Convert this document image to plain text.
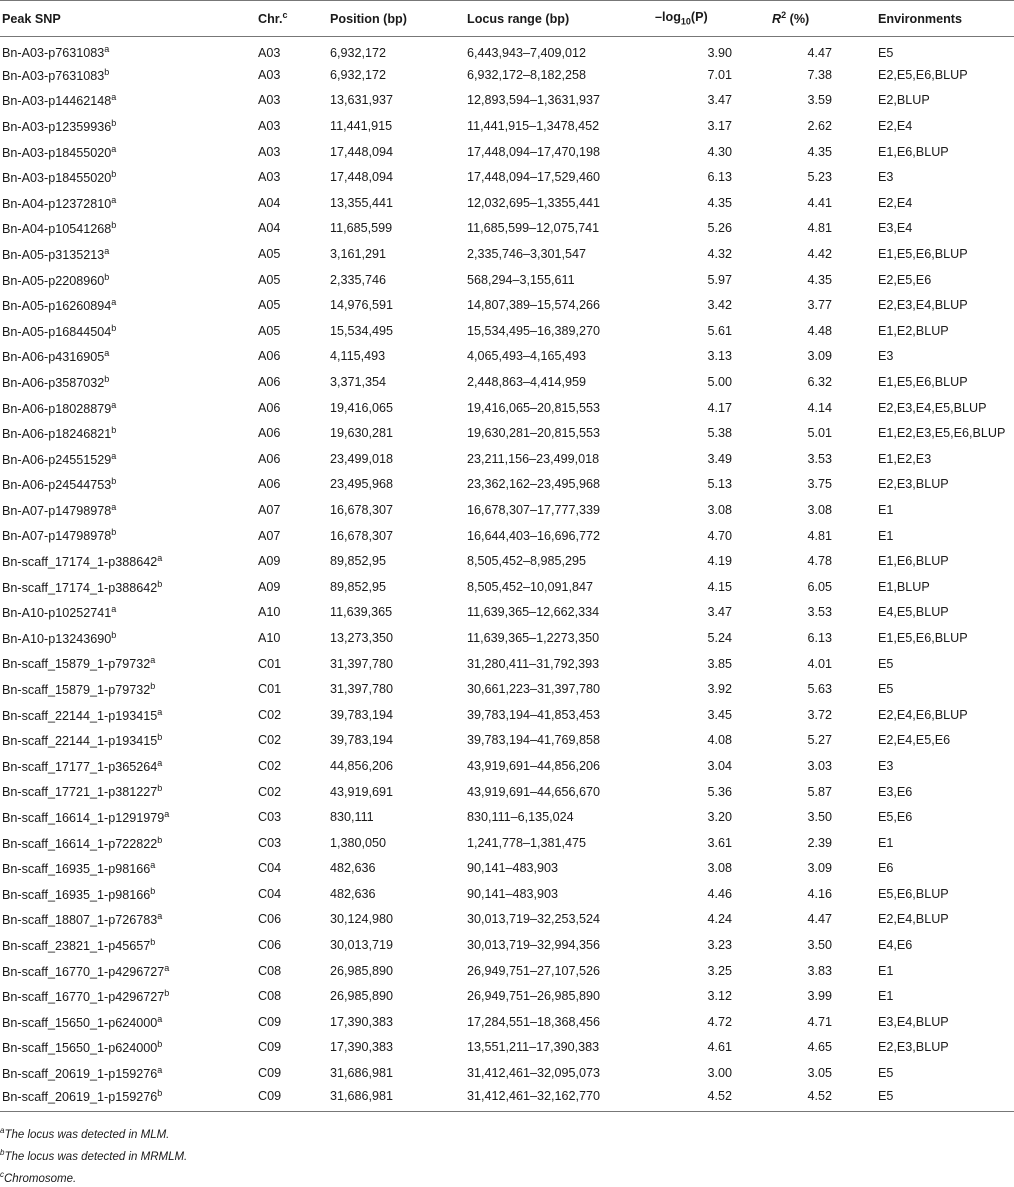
Peak SNP	Chr.$^c$	Position (bp)	Locus range (bp)	$-\log_{10}(P)$	$R^2$ (%)	Environments
Bn-A03-p7631083$^a$	A03	6,932,172	6,443,943–7,409,012	3.90	4.47	E5
Bn-A03-p7631083$^b$	A03	6,932,172	6,932,172–8,182,258	7.01	7.38	E2,E5,E6,BLUP
Bn-A03-p14462148$^a$	A03	13,631,937	12,893,594–1,3631,937	3.47	3.59	E2,BLUP
Bn-A03-p12359936$^b$	A03	11,441,915	11,441,915–1,3478,452	3.17	2.62	E2,E4
Bn-A03-p18455020$^a$	A03	17,448,094	17,448,094–17,470,198	4.30	4.35	E1,E6,BLUP
Bn-A03-p18455020$^b$	A03	17,448,094	17,448,094–17,529,460	6.13	5.23	E3
Bn-A04-p12372810$^a$	A04	13,355,441	12,032,695–1,3355,441	4.35	4.41	E2,E4
Bn-A04-p10541268$^b$	A04	11,685,599	11,685,599–12,075,741	5.26	4.81	E3,E4
Bn-A05-p3135213$^a$	A05	3,161,291	2,335,746–3,301,547	4.32	4.42	E1,E5,E6,BLUP
Bn-A05-p2208960$^b$	A05	2,335,746	568,294–3,155,611	5.97	4.35	E2,E5,E6
Bn-A05-p16260894$^a$	A05	14,976,591	14,807,389–15,574,266	3.42	3.77	E2,E3,E4,BLUP
Bn-A05-p16844504$^b$	A05	15,534,495	15,534,495–16,389,270	5.61	4.48	E1,E2,BLUP
Bn-A06-p4316905$^a$	A06	4,115,493	4,065,493–4,165,493	3.13	3.09	E3
Bn-A06-p3587032$^b$	A06	3,371,354	2,448,863–4,414,959	5.00	6.32	E1,E5,E6,BLUP
Bn-A06-p18028879$^a$	A06	19,416,065	19,416,065–20,815,553	4.17	4.14	E2,E3,E4,E5,BLUP
Bn-A06-p18246821$^b$	A06	19,630,281	19,630,281–20,815,553	5.38	5.01	E1,E2,E3,E5,E6,BLUP
Bn-A06-p24551529$^a$	A06	23,499,018	23,211,156–23,499,018	3.49	3.53	E1,E2,E3
Bn-A06-p24544753$^b$	A06	23,495,968	23,362,162–23,495,968	5.13	3.75	E2,E3,BLUP
Bn-A07-p14798978$^a$	A07	16,678,307	16,678,307–17,777,339	3.08	3.08	E1
Bn-A07-p14798978$^b$	A07	16,678,307	16,644,403–16,696,772	4.70	4.81	E1
Bn-scaff_17174_1-p388642$^a$	A09	89,852,95	8,505,452–8,985,295	4.19	4.78	E1,E6,BLUP
Bn-scaff_17174_1-p388642$^b$	A09	89,852,95	8,505,452–10,091,847	4.15	6.05	E1,BLUP
Bn-A10-p10252741$^a$	A10	11,639,365	11,639,365–12,662,334	3.47	3.53	E4,E5,BLUP
Bn-A10-p13243690$^b$	A10	13,273,350	11,639,365–1,2273,350	5.24	6.13	E1,E5,E6,BLUP
Bn-scaff_15879_1-p79732$^a$	C01	31,397,780	31,280,411–31,792,393	3.85	4.01	E5
Bn-scaff_15879_1-p79732$^b$	C01	31,397,780	30,661,223–31,397,780	3.92	5.63	E5
Bn-scaff_22144_1-p193415$^a$	C02	39,783,194	39,783,194–41,853,453	3.45	3.72	E2,E4,E6,BLUP
Bn-scaff_22144_1-p193415$^b$	C02	39,783,194	39,783,194–41,769,858	4.08	5.27	E2,E4,E5,E6
Bn-scaff_17177_1-p365264$^a$	C02	44,856,206	43,919,691–44,856,206	3.04	3.03	E3
Bn-scaff_17721_1-p381227$^b$	C02	43,919,691	43,919,691–44,656,670	5.36	5.87	E3,E6
Bn-scaff_16614_1-p1291979$^a$	C03	830,111	830,111–6,135,024	3.20	3.50	E5,E6
Bn-scaff_16614_1-p722822$^b$	C03	1,380,050	1,241,778–1,381,475	3.61	2.39	E1
Bn-scaff_16935_1-p98166$^a$	C04	482,636	90,141–483,903	3.08	3.09	E6
Bn-scaff_16935_1-p98166$^b$	C04	482,636	90,141–483,903	4.46	4.16	E5,E6,BLUP
Bn-scaff_18807_1-p726783$^a$	C06	30,124,980	30,013,719–32,253,524	4.24	4.47	E2,E4,BLUP
Bn-scaff_23821_1-p45657$^b$	C06	30,013,719	30,013,719–32,994,356	3.23	3.50	E4,E6
Bn-scaff_16770_1-p4296727$^a$	C08	26,985,890	26,949,751–27,107,526	3.25	3.83	E1
Bn-scaff_16770_1-p4296727$^b$	C08	26,985,890	26,949,751–26,985,890	3.12	3.99	E1
Bn-scaff_15650_1-p624000$^a$	C09	17,390,383	17,284,551–18,368,456	4.72	4.71	E3,E4,BLUP
Bn-scaff_15650_1-p624000$^b$	C09	17,390,383	13,551,211–17,390,383	4.61	4.65	E2,E3,BLUP
Bn-scaff_20619_1-p159276$^a$	C09	31,686,981	31,412,461–32,095,073	3.00	3.05	E5
Bn-scaff_20619_1-p159276$^b$	C09	31,686,981	31,412,461–32,162,770	4.52	4.52	E5
$^a$The locus was detected in MLM.
$^b$The locus was detected in MRMLM.
$^c$Chromosome.
